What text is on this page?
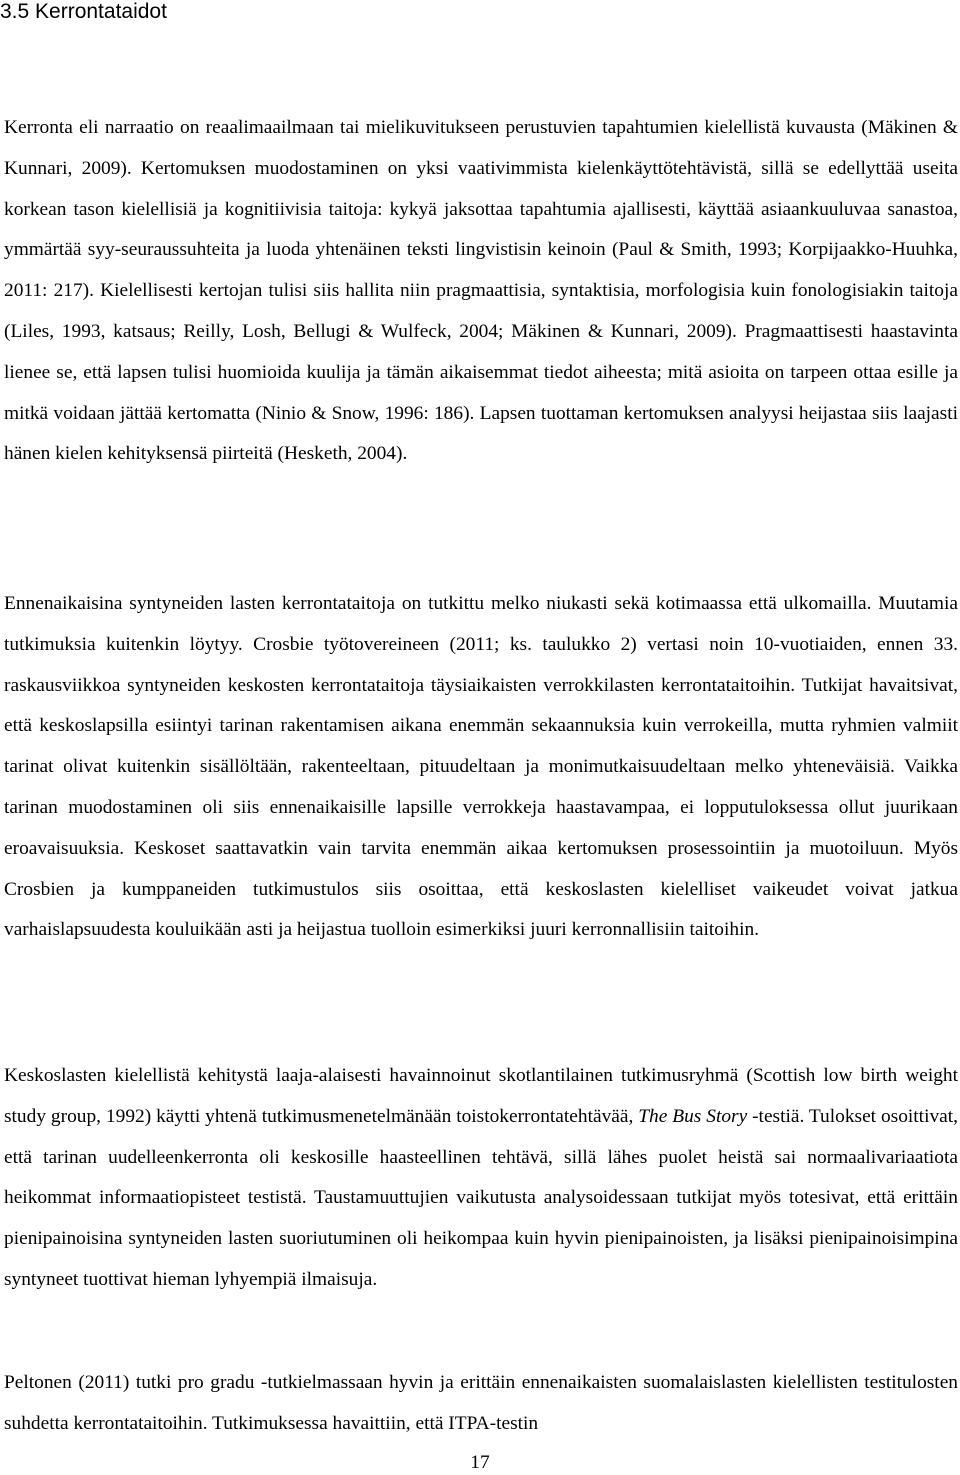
3.5 Kerrontataidot

Kerronta eli narraatio on reaalimaailmaan tai mielikuvitukseen perustuvien tapahtumien kielellistä kuvausta (Mäkinen & Kunnari, 2009). Kertomuksen muodostaminen on yksi vaativimmista kielenkäyttötehtävistä, sillä se edellyttää useita korkean tason kielellisiä ja kognitiivisia taitoja: kykyä jaksottaa tapahtumia ajallisesti, käyttää asiaankuuluvaa sanastoa, ymmärtää syy-seuraussuhteita ja luoda yhtenäinen teksti lingvistisin keinoin (Paul & Smith, 1993; Korpijaakko-Huuhka, 2011: 217). Kielellisesti kertojan tulisi siis hallita niin pragmaattisia, syntaktisia, morfologisia kuin fonologisiakin taitoja (Liles, 1993, katsaus; Reilly, Losh, Bellugi & Wulfeck, 2004; Mäkinen & Kunnari, 2009). Pragmaattisesti haastavinta lienee se, että lapsen tulisi huomioida kuulija ja tämän aikaisemmat tiedot aiheesta; mitä asioita on tarpeen ottaa esille ja mitkä voidaan jättää kertomatta (Ninio & Snow, 1996: 186). Lapsen tuottaman kertomuksen analyysi heijastaa siis laajasti hänen kielen kehityksensä piirteitä (Hesketh, 2004).

Ennenaikaisina syntyneiden lasten kerrontataitoja on tutkittu melko niukasti sekä kotimaassa että ulkomailla. Muutamia tutkimuksia kuitenkin löytyy. Crosbie työtovereineen (2011; ks. taulukko 2) vertasi noin 10-vuotiaiden, ennen 33. raskausviikkoa syntyneiden keskosten kerrontataitoja täysiaikaisten verrokkilasten kerrontataitoihin. Tutkijat havaitsivat, että keskoslapsilla esiintyi tarinan rakentamisen aikana enemmän sekaannuksia kuin verrokeilla, mutta ryhmien valmiit tarinat olivat kuitenkin sisällöltään, rakenteeltaan, pituudeltaan ja monimutkaisuudeltaan melko yhteneväisiä. Vaikka tarinan muodostaminen oli siis ennenaikaisille lapsille verrokkeja haastavampaa, ei lopputuloksessa ollut juurikaan eroavaisuuksia. Keskoset saattavatkin vain tarvita enemmän aikaa kertomuksen prosessointiin ja muotoiluun. Myös Crosbien ja kumppaneiden tutkimustulos siis osoittaa, että keskoslasten kielelliset vaikeudet voivat jatkua varhaislapsuudesta kouluikään asti ja heijastua tuolloin esimerkiksi juuri kerronnallisiin taitoihin.

Keskoslasten kielellistä kehitystä laaja-alaisesti havainnoinut skotlantilainen tutkimusryhmä (Scottish low birth weight study group, 1992) käytti yhtenä tutkimusmenetelmänään toistokerrontatehtävää, The Bus Story -testiä. Tulokset osoittivat, että tarinan uudelleenkerronta oli keskosille haasteellinen tehtävä, sillä lähes puolet heistä sai normaalivariaatiota heikommat informaatiopisteet testistä. Taustamuuttujien vaikutusta analysoidessaan tutkijat myös totesivat, että erittäin pienipainoisina syntyneiden lasten suoriutuminen oli heikompaa kuin hyvin pienipainoisten, ja lisäksi pienipainoisimpina syntyneet tuottivat hieman lyhyempiä ilmaisuja.

Peltonen (2011) tutki pro gradu -tutkielmassaan hyvin ja erittäin ennenaikaisten suomalaislasten kielellisten testitulosten suhdetta kerrontataitoihin. Tutkimuksessa havaittiin, että ITPA-testin

17
